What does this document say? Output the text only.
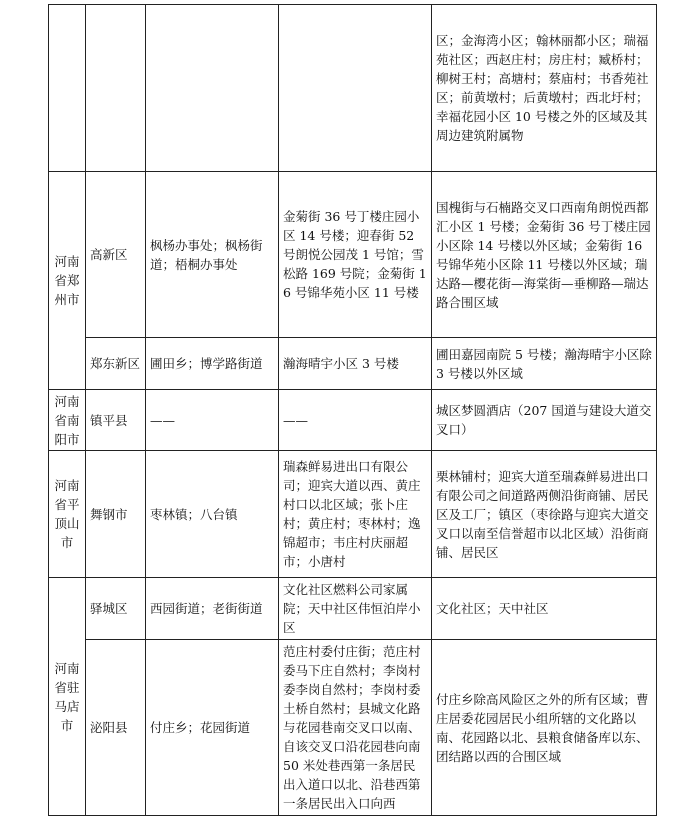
				区；金海湾小区；翰林丽都小区；瑞福苑社区；西赵庄村；房庄村；臧桥村；柳树王村；高塘村；蔡庙村；书香苑社区；前黄墩村；后黄墩村；西北圩村；幸福花园小区 10 号楼之外的区域及其周边建筑附属物

河南省郑州市	高新区	枫杨办事处；枫杨街道；梧桐办事处	金菊街 36 号丁楼庄园小区 14 号楼；迎春街 52 号朗悦公园茂 1 号馆；雪松路 169 号院；金菊街 16 号锦华苑小区 11 号楼	国槐街与石楠路交叉口西南角朗悦西都汇小区 1 号楼；金菊街 36 号丁楼庄园小区除 14 号楼以外区域；金菊街 16 号锦华苑小区除 11 号楼以外区域；瑞达路—樱花街—海棠街—垂柳路—瑞达路合围区域
	郑东新区	圃田乡；博学路街道	瀚海晴宇小区 3 号楼	圃田嘉园南院 5 号楼；瀚海晴宇小区除 3 号楼以外区域

河南省南阳市	镇平县	——	——	城区梦圆酒店（207 国道与建设大道交叉口）

河南省平顶山市	舞钢市	枣林镇；八台镇	瑞森鲜易进出口有限公司；迎宾大道以西、黄庄村口以北区域；张卜庄村；黄庄村；枣林村；逸锦超市；韦庄村庆丽超市；小唐村	栗林铺村；迎宾大道至瑞森鲜易进出口有限公司之间道路两侧沿街商铺、居民区及工厂；镇区（枣徐路与迎宾大道交叉口以南至信誉超市以北区域）沿街商铺、居民区

河南省驻马店市	驿城区	西园街道；老街街道	文化社区燃料公司家属院；天中社区伟恒泊岸小区	文化社区；天中社区
	泌阳县	付庄乡；花园街道	范庄村委付庄街；范庄村委马下庄自然村；李岗村委李岗自然村；李岗村委土桥自然村；县城文化路与花园巷南交叉口以南、自该交叉口沿花园巷向南 50 米处巷西第一条居民出入道口以北、沿巷西第一条居民出入口向西	付庄乡除高风险区之外的所有区域；曹庄居委花园居民小组所辖的文化路以南、花园路以北、县粮食储备库以东、团结路以西的合围区域
